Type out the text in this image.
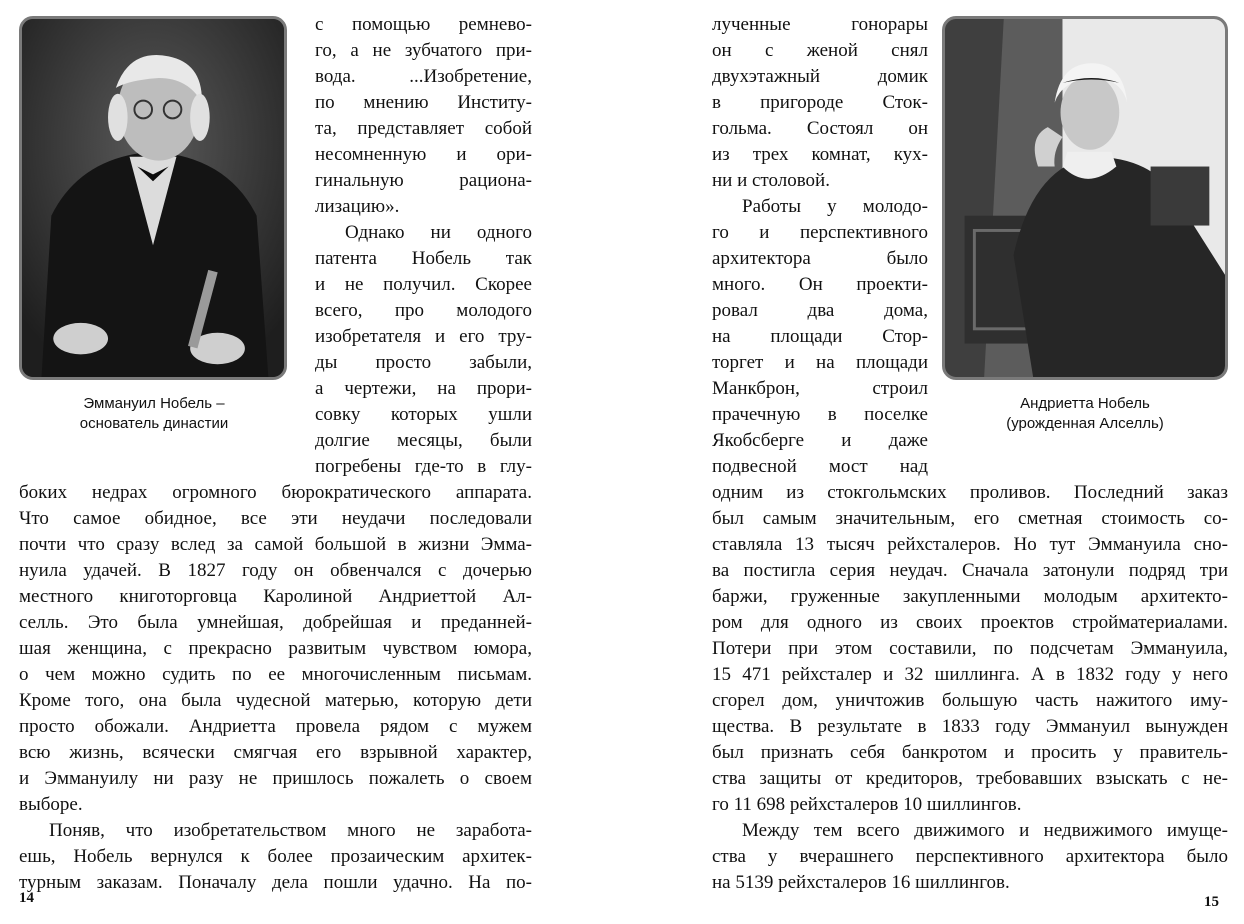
Эммануил Нобель –
основатель династии
с помощью ремнево-
го, а не зубчатого при-
вода. ...Изобретение,
по мнению Институ-
та, представляет собой
несомненную и ори-
гинальную рационa-
лизацию».
Однако ни одного
патента Нобель так
и не получил. Скорее
всего, про молодого
изобретателя и его тру-
ды просто забыли,
а чертежи, на прори-
совку которых ушли
долгие месяцы, были
погребены где-то в глу-
боких недрах огромного бюрократического аппарата.
Что самое обидное, все эти неудачи последовали
почти что сразу вслед за самой большой в жизни Эмма-
нуила удачей. В 1827 году он обвенчался с дочерью
местного книготорговца Каролиной Андриеттой Ал-
селль. Это была умнейшая, добрейшая и преданней-
шая женщина, с прекрасно развитым чувством юмора,
о чем можно судить по ее многочисленным письмам.
Кроме того, она была чудесной матерью, которую дети
просто обожали. Андриетта провела рядом с мужем
всю жизнь, всячески смягчая его взрывной характер,
и Эммануилу ни разу не пришлось пожалеть о своем
выборе.
Поняв, что изобретательством много не заработа-
ешь, Нобель вернулся к более прозаическим архитек-
турным заказам. Поначалу дела пошли удачно. На по-
14
лученные гонорары
он с женой снял
двухэтажный домик
в пригороде Сток-
гольма. Состоял он
из трех комнат, кух-
ни и столовой.
Работы у молодо-
го и перспективного
архитектора было
много. Он проекти-
ровал два дома,
на площади Стор-
торгет и на площади
Манкброн, строил
прачечную в поселке
Якобсберге и даже
подвесной мост над
Андриетта Нобель
(урожденная Алселль)
одним из стокгольмских проливов. Последний заказ
был самым значительным, его сметная стоимость со-
ставляла 13 тысяч рейхсталеров. Но тут Эммануила сно-
ва постигла серия неудач. Сначала затонули подряд три
баржи, груженные закупленными молодым архитекто-
ром для одного из своих проектов стройматериалами.
Потери при этом составили, по подсчетам Эммануила,
15 471 рейхсталер и 32 шиллинга. А в 1832 году у него
сгорел дом, уничтожив большую часть нажитого иму-
щества. В результате в 1833 году Эммануил вынужден
был признать себя банкротом и просить у правитель-
ства защиты от кредиторов, требовавших взыскать с не-
го 11 698 рейхсталеров 10 шиллингов.
Между тем всего движимого и недвижимого имуще-
ства у вчерашнего перспективного архитектора было
на 5139 рейхсталеров 16 шиллингов.
15
